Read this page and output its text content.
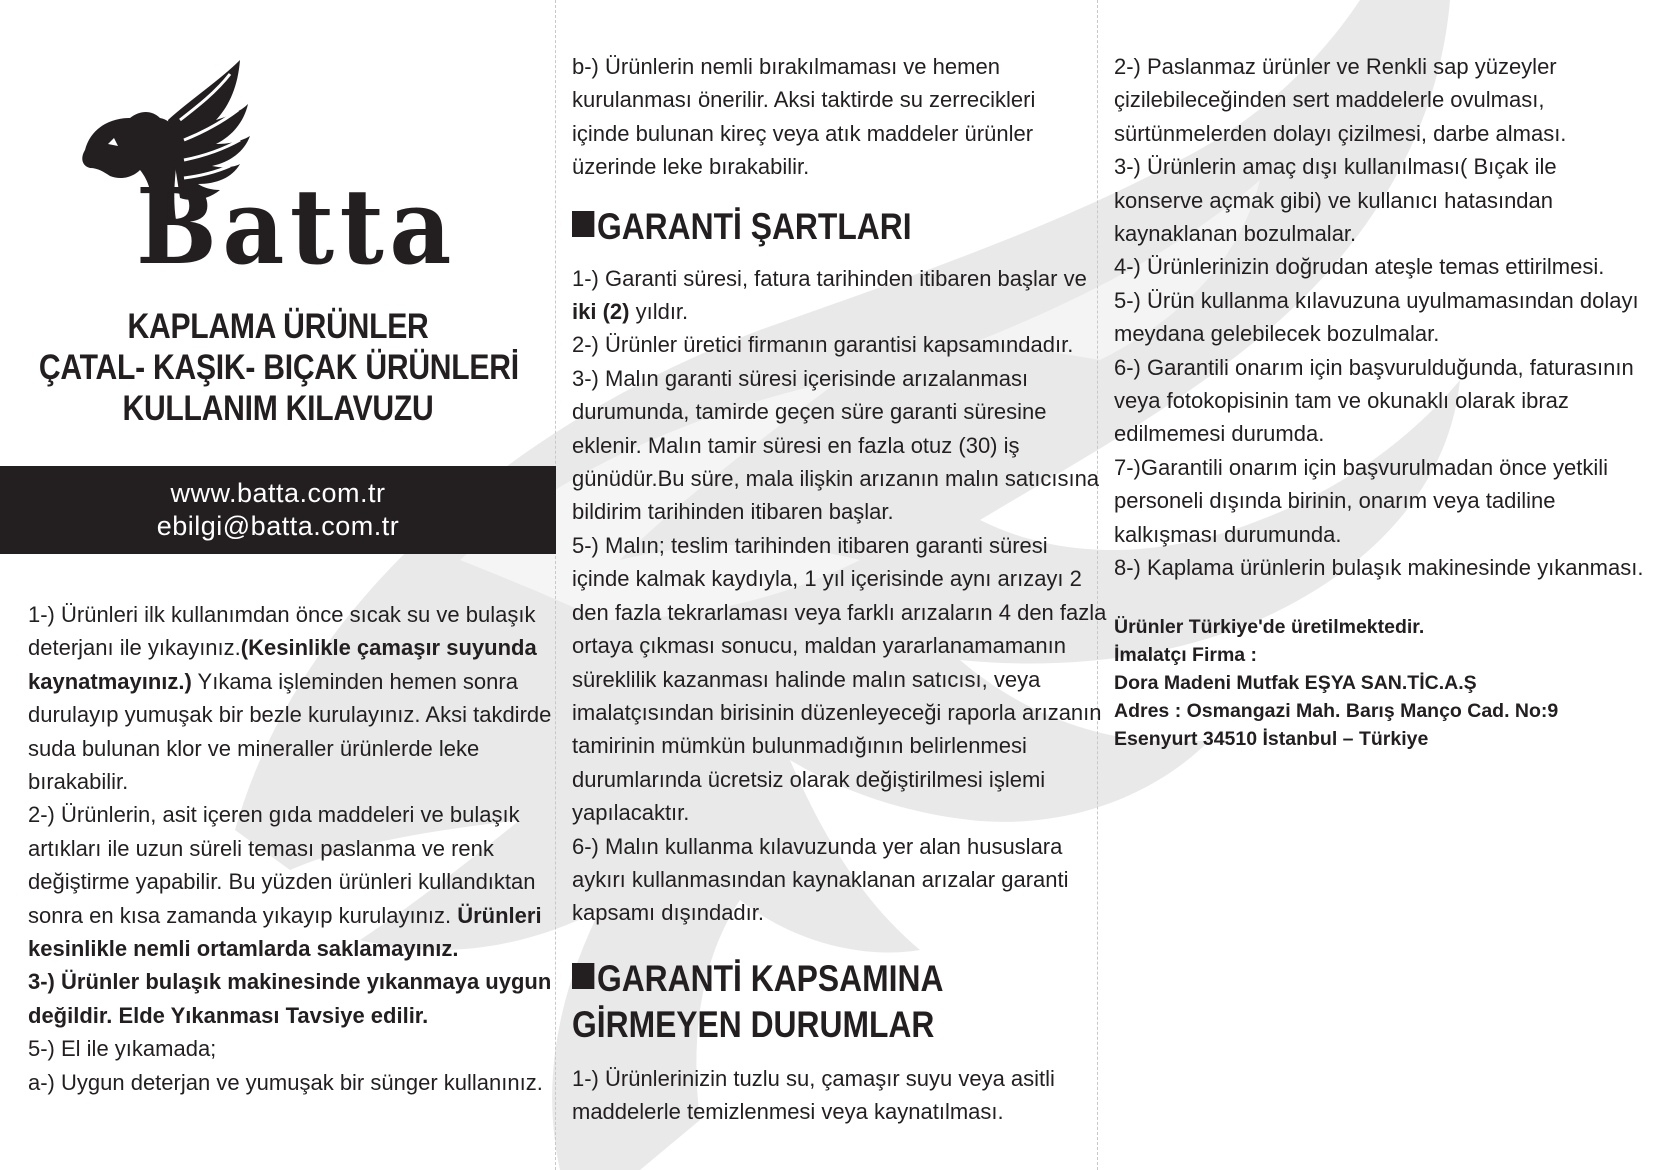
Batta
KAPLAMA ÜRÜNLER
ÇATAL- KAŞIK- BIÇAK ÜRÜNLERİ
KULLANIM KILAVUZU
www.batta.com.tr
ebilgi@batta.com.tr

1-) Ürünleri ilk kullanımdan önce sıcak su ve bulaşık

deterjanı ile yıkayınız.(Kesinlikle çamaşır suyunda

kaynatmayınız.) Yıkama işleminden hemen sonra

durulayıp yumuşak bir bezle kurulayınız. Aksi takdirde

suda bulunan klor ve mineraller ürünlerde leke

bırakabilir.

2-) Ürünlerin, asit içeren gıda maddeleri ve bulaşık

artıkları ile uzun süreli teması paslanma ve renk

değiştirme yapabilir. Bu yüzden ürünleri kullandıktan

sonra en kısa zamanda yıkayıp kurulayınız. Ürünleri

kesinlikle nemli ortamlarda saklamayınız.

3-) Ürünler bulaşık makinesinde yıkanmaya uygun

değildir. Elde Yıkanması Tavsiye edilir.

5-) El ile yıkamada;

a-) Uygun deterjan ve yumuşak bir sünger kullanınız.

b-) Ürünlerin nemli bırakılmaması ve hemen

kurulanması önerilir. Aksi taktirde su zerrecikleri

içinde bulunan kireç veya atık maddeler ürünler

üzerinde leke bırakabilir.

GARANTİ ŞARTLARI

1-) Garanti süresi, fatura tarihinden itibaren başlar ve

iki (2) yıldır.

2-) Ürünler üretici firmanın garantisi kapsamındadır.

3-) Malın garanti süresi içerisinde arızalanması

durumunda, tamirde geçen süre garanti süresine

eklenir. Malın tamir süresi en fazla otuz (30) iş

günüdür.Bu süre, mala ilişkin arızanın malın satıcısına

bildirim tarihinden itibaren başlar.

5-) Malın; teslim tarihinden itibaren garanti süresi

içinde kalmak kaydıyla, 1 yıl içerisinde aynı arızayı 2

den fazla tekrarlaması veya farklı arızaların 4 den fazla

ortaya çıkması sonucu, maldan yararlanamamanın

süreklilik kazanması halinde malın satıcısı, veya

imalatçısından birisinin düzenleyeceği raporla arızanın

tamirinin mümkün bulunmadığının belirlenmesi

durumlarında ücretsiz olarak değiştirilmesi işlemi

yapılacaktır.

6-) Malın kullanma kılavuzunda yer alan hususlara

aykırı kullanmasından kaynaklanan arızalar garanti

kapsamı dışındadır.

GARANTİ KAPSAMINA
GİRMEYEN DURUMLAR

1-) Ürünlerinizin tuzlu su, çamaşır suyu veya asitli

maddelerle temizlenmesi veya kaynatılması.

2-) Paslanmaz ürünler ve Renkli sap yüzeyler

çizilebileceğinden sert maddelerle ovulması,

sürtünmelerden dolayı çizilmesi, darbe alması.

3-) Ürünlerin amaç dışı kullanılması( Bıçak ile

konserve açmak gibi) ve kullanıcı hatasından

kaynaklanan bozulmalar.

4-) Ürünlerinizin doğrudan ateşle temas ettirilmesi.

5-) Ürün kullanma kılavuzuna uyulmamasından dolayı

meydana gelebilecek bozulmalar.

6-) Garantili onarım için başvurulduğunda, faturasının

veya fotokopisinin tam ve okunaklı olarak ibraz

edilmemesi durumda.

7-)Garantili onarım için başvurulmadan önce yetkili

personeli dışında birinin, onarım veya tadiline

kalkışması durumunda.

8-) Kaplama ürünlerin bulaşık makinesinde yıkanması.

Ürünler Türkiye'de üretilmektedir.

İmalatçı Firma :

Dora Madeni Mutfak EŞYA SAN.TİC.A.Ş

Adres : Osmangazi Mah. Barış Manço Cad. No:9

Esenyurt 34510 İstanbul – Türkiye
